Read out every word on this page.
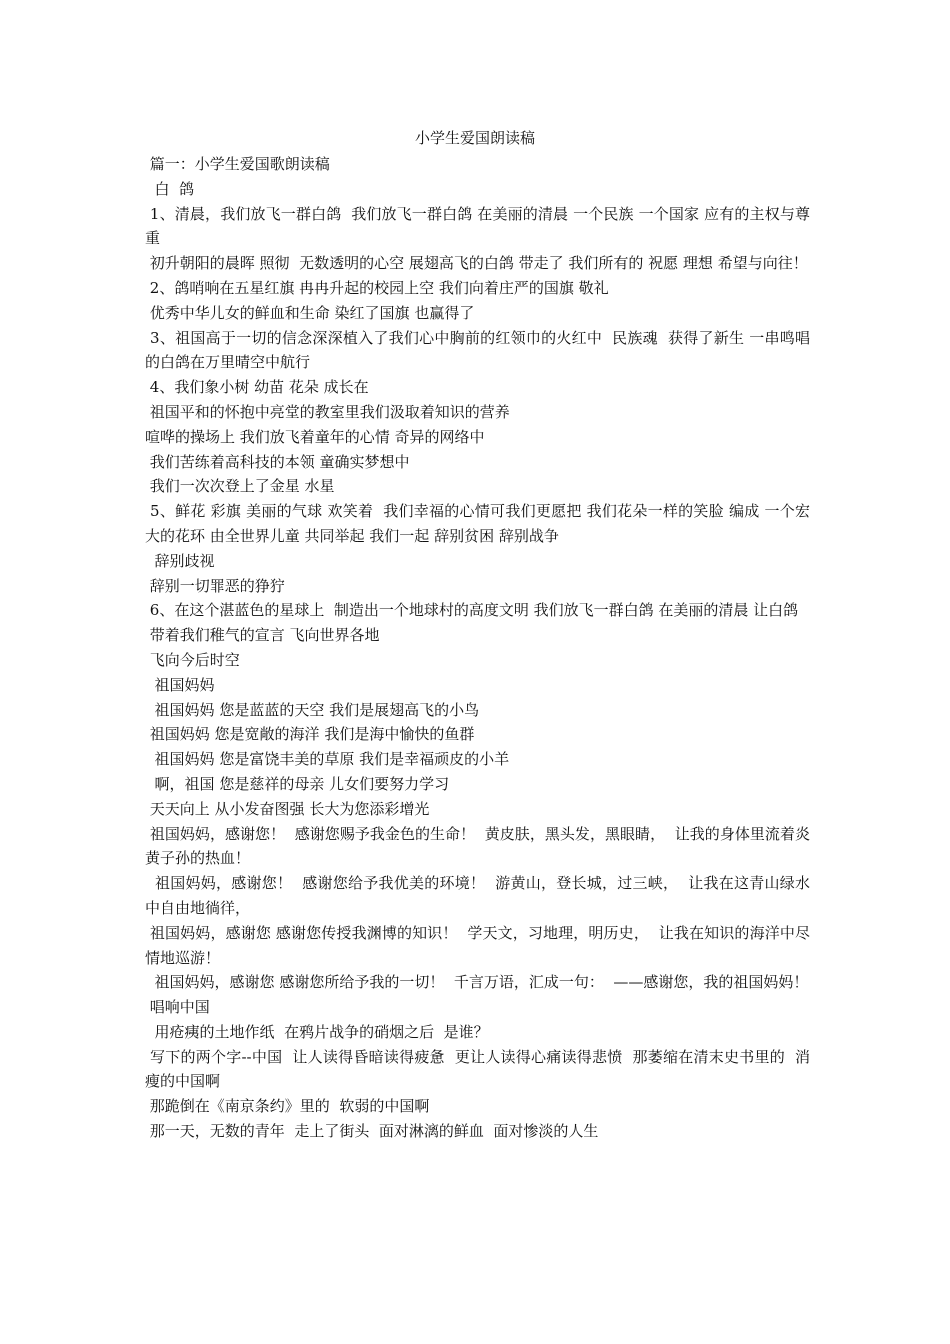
小学生爱国朗读稿
篇一：小学生爱国歌朗读稿
白  鸽
1、清晨，我们放飞一群白鸽  我们放飞一群白鸽 在美丽的清晨 一个民族 一个国家 应有的主权与尊重
初升朝阳的晨晖 照彻  无数透明的心空 展翅高飞的白鸽 带走了 我们所有的 祝愿 理想 希望与向往！
2、鸽哨响在五星红旗 冉冉升起的校园上空 我们向着庄严的国旗 敬礼
优秀中华儿女的鲜血和生命 染红了国旗 也赢得了
3、祖国高于一切的信念深深植入了我们心中胸前的红领巾的火红中  民族魂  获得了新生 一串鸣唱的白鸽在万里晴空中航行
4、我们象小树 幼苗 花朵 成长在
祖国平和的怀抱中亮堂的教室里我们汲取着知识的营养
喧哗的操场上 我们放飞着童年的心情 奇异的网络中
我们苦练着高科技的本领 童确实梦想中
我们一次次登上了金星 水星
5、鲜花 彩旗 美丽的气球 欢笑着  我们幸福的心情可我们更愿把 我们花朵一样的笑脸 编成 一个宏大的花环 由全世界儿童 共同举起 我们一起 辞别贫困 辞别战争
辞别歧视
辞别一切罪恶的狰狞
6、在这个湛蓝色的星球上  制造出一个地球村的高度文明 我们放飞一群白鸽 在美丽的清晨 让白鸽
带着我们稚气的宣言 飞向世界各地
飞向今后时空
祖国妈妈
祖国妈妈 您是蓝蓝的天空 我们是展翅高飞的小鸟
祖国妈妈 您是宽敞的海洋 我们是海中愉快的鱼群
祖国妈妈 您是富饶丰美的草原 我们是幸福顽皮的小羊
啊，祖国 您是慈祥的母亲 儿女们要努力学习
天天向上 从小发奋图强 长大为您添彩增光
祖国妈妈，感谢您！  感谢您赐予我金色的生命！  黄皮肤，黑头发，黑眼睛，  让我的身体里流着炎黄子孙的热血！
祖国妈妈，感谢您！  感谢您给予我优美的环境！  游黄山，登长城，过三峡，  让我在这青山绿水中自由地徜徉，
祖国妈妈，感谢您 感谢您传授我渊博的知识！  学天文，习地理，明历史，  让我在知识的海洋中尽情地巡游！
祖国妈妈，感谢您 感谢您所给予我的一切！  千言万语，汇成一句：  ——感谢您，我的祖国妈妈！
唱响中国
用疮痍的土地作纸  在鸦片战争的硝烟之后  是谁？
写下的两个字--中国  让人读得昏暗读得疲惫  更让人读得心痛读得悲愤  那萎缩在清末史书里的  消瘦的中国啊
那跪倒在《南京条约》里的  软弱的中国啊
那一天，无数的青年  走上了街头  面对淋漓的鲜血  面对惨淡的人生
